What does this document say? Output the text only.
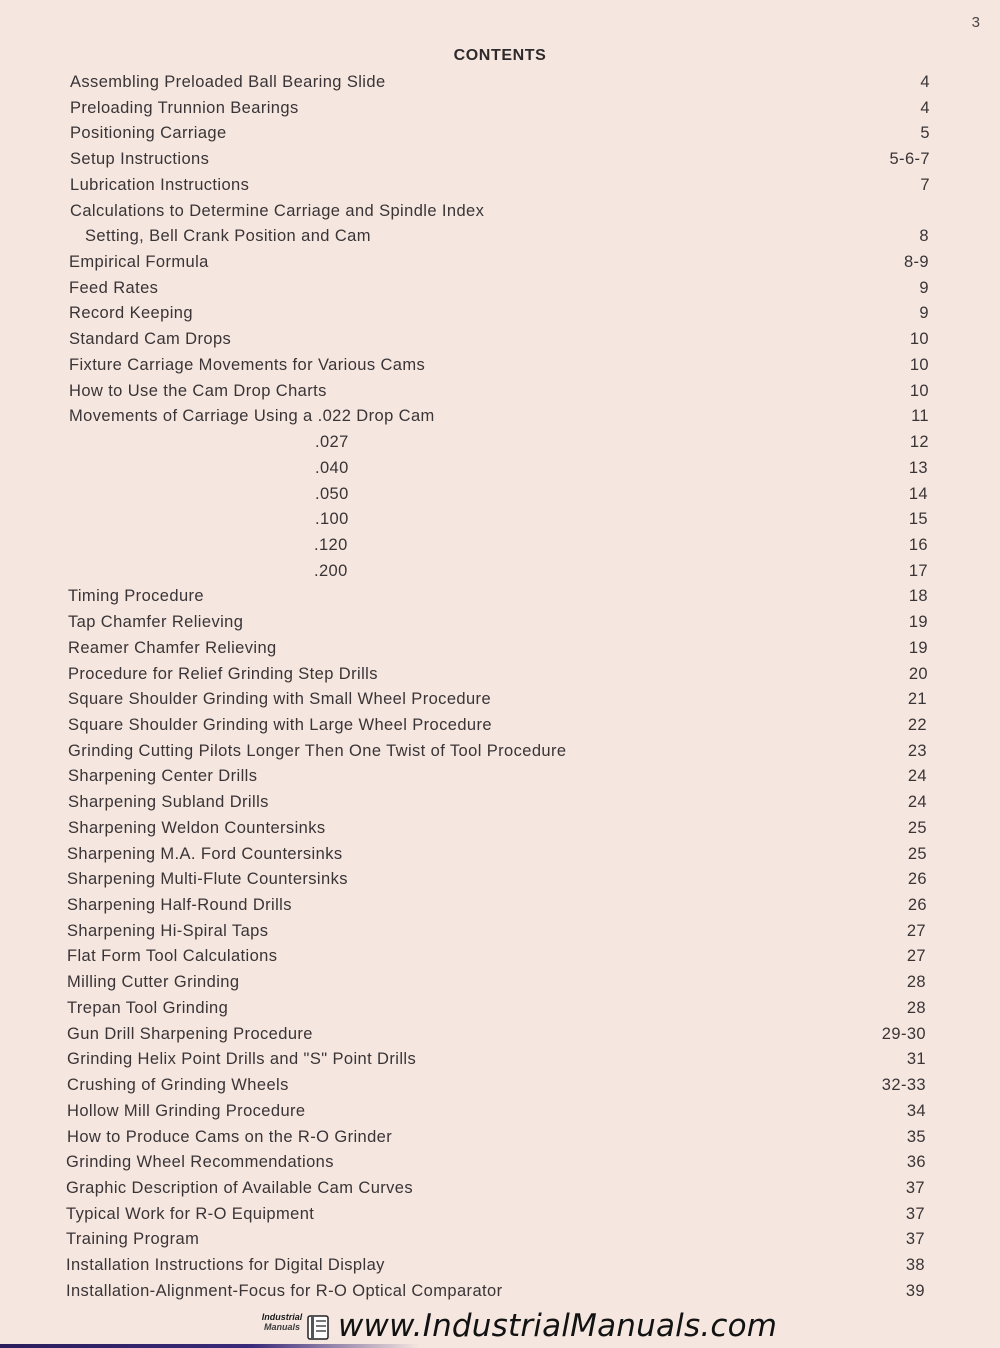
3
CONTENTS
Assembling Preloaded Ball Bearing Slide	4
Preloading Trunnion Bearings	4
Positioning Carriage	5
Setup Instructions	5-6-7
Lubrication Instructions	7
Calculations to Determine Carriage and Spindle Index
Setting, Bell Crank Position and Cam	8
Empirical Formula	8-9
Feed Rates	9
Record Keeping	9
Standard Cam Drops	10
Fixture Carriage Movements for Various Cams	10
How to Use the Cam Drop Charts	10
Movements of Carriage Using a .022 Drop Cam	11
.027	12
.040	13
.050	14
.100	15
.120	16
.200	17
Timing Procedure	18
Tap Chamfer Relieving	19
Reamer Chamfer Relieving	19
Procedure for Relief Grinding Step Drills	20
Square Shoulder Grinding with Small Wheel Procedure	21
Square Shoulder Grinding with Large Wheel Procedure	22
Grinding Cutting Pilots Longer Then One Twist of Tool Procedure	23
Sharpening Center Drills	24
Sharpening Subland Drills	24
Sharpening Weldon Countersinks	25
Sharpening M.A. Ford Countersinks	25
Sharpening Multi-Flute Countersinks	26
Sharpening Half-Round Drills	26
Sharpening Hi-Spiral Taps	27
Flat Form Tool Calculations	27
Milling Cutter Grinding	28
Trepan Tool Grinding	28
Gun Drill Sharpening Procedure	29-30
Grinding Helix Point Drills and "S" Point Drills	31
Crushing of Grinding Wheels	32-33
Hollow Mill Grinding Procedure	34
How to Produce Cams on the R-O Grinder	35
Grinding Wheel Recommendations	36
Graphic Description of Available Cam Curves	37
Typical Work for R-O Equipment	37
Training Program	37
Installation Instructions for Digital Display	38
Installation-Alignment-Focus for R-O Optical Comparator	39
Industrial
Manuals www.IndustrialManuals.com
